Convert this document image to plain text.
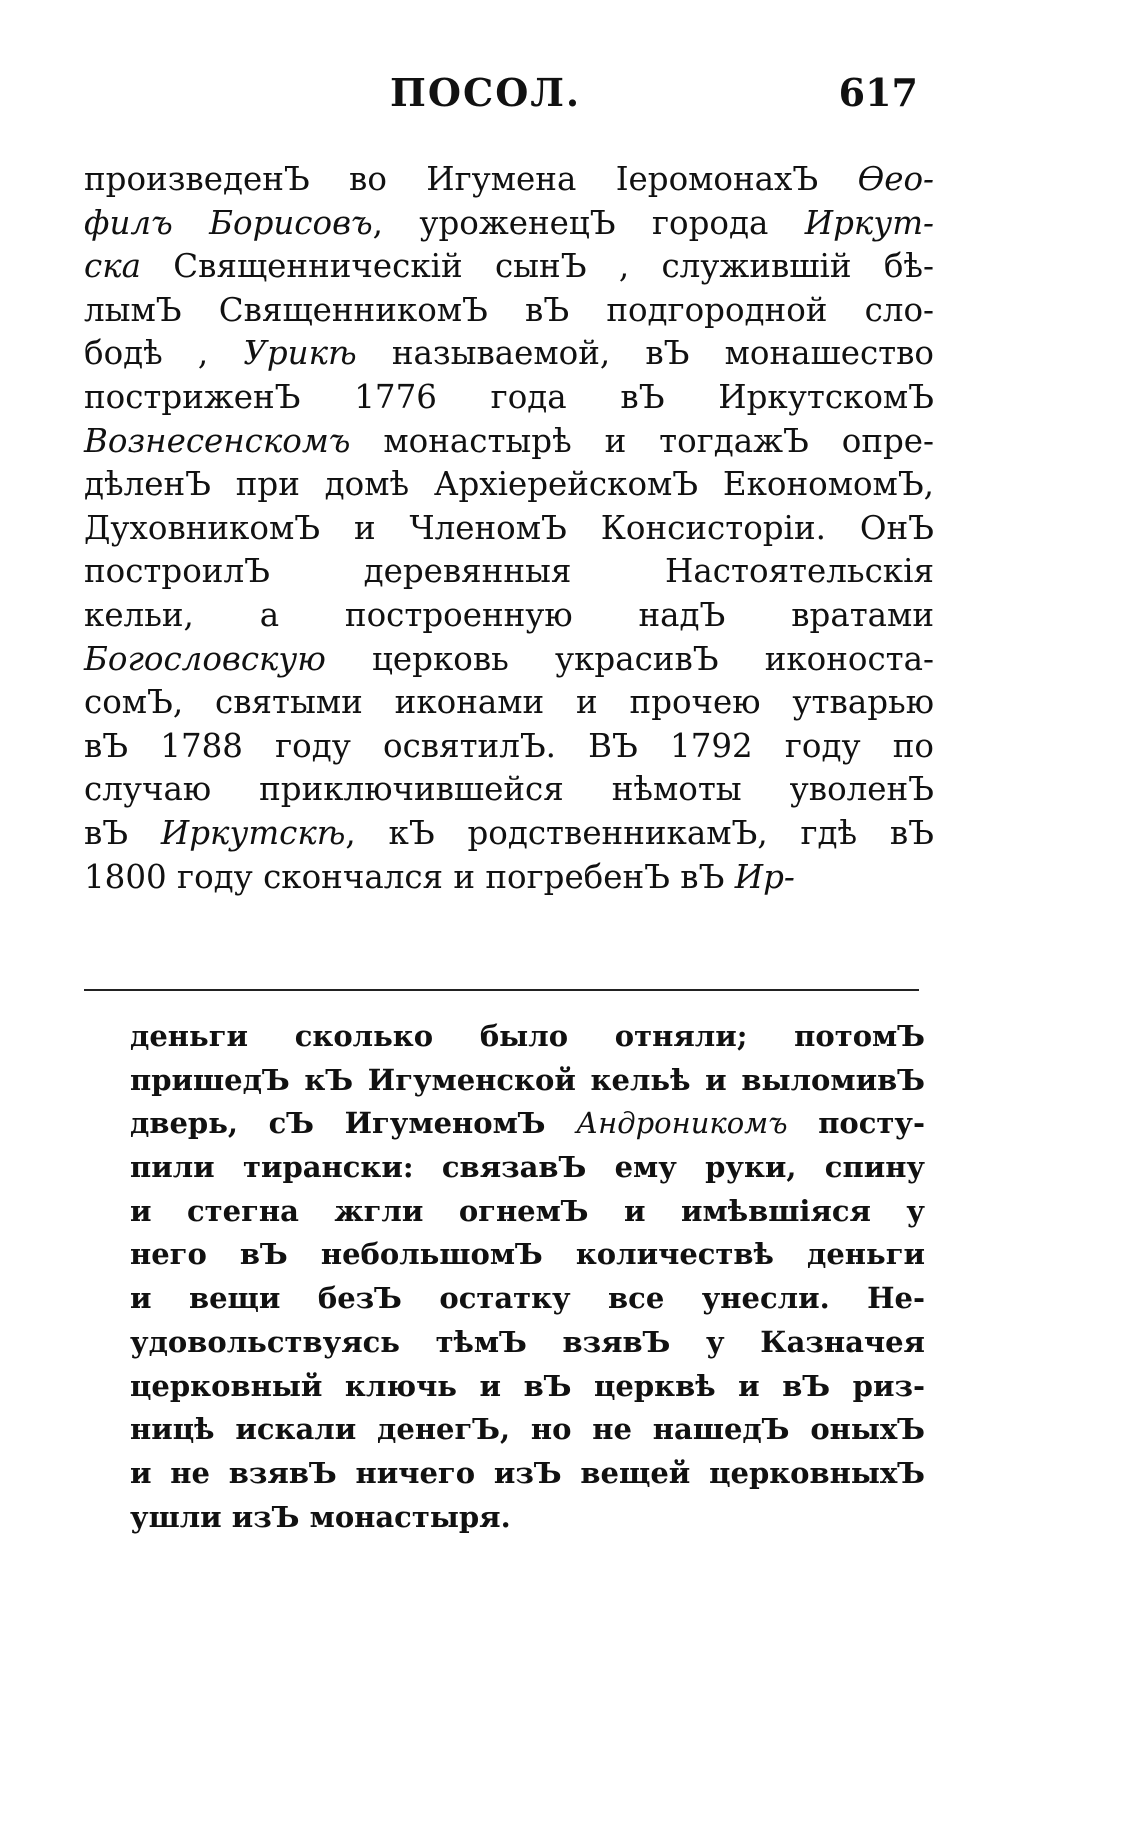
ПОСОЛ.	617
произведенЪ во Игумена ІеромонахЪ Өео-
филъ Борисовъ, уроженецЪ города Иркут-
ска Священническій сынЪ , служившій бѣ-
лымЪ СвященникомЪ вЪ подгородной сло-
бодѣ , Урикѣ называемой, вЪ монашество
постриженЪ 1776 года вЪ ИркутскомЪ
Вознесенскомъ монастырѣ и тогдажЪ опре-
дѣленЪ при домѣ АрхіерейскомЪ ЕкономомЪ,
ДуховникомЪ и ЧленомЪ Консисторіи. ОнЪ
построилЪ деревянныя Настоятельскія
кельи, а построенную надЪ вратами
Богословскую церковь украсивЪ иконоста-
сомЪ, святыми иконами и прочею утварью
вЪ 1788 году освятилЪ. ВЪ 1792 году по
случаю приключившейся нѣмоты уволенЪ
вЪ Иркутскѣ, кЪ родственникамЪ, гдѣ вЪ
1800 году скончался и погребенЪ вЪ Ир-
деньги сколько было отняли; потомЪ
пришедЪ кЪ Игуменской кельѣ и выломивЪ
дверь, сЪ ИгуменомЪ Андроникомъ посту-
пили тирански: связавЪ ему руки, спину
и стегна жгли огнемЪ и имѣвшіяся у
него вЪ небольшомЪ количествѣ деньги
и вещи безЪ остатку все унесли. Не-
удовольствуясь тѣмЪ взявЪ у Казначея
церковный ключь и вЪ церквѣ и вЪ риз-
ницѣ искали денегЪ, но не нашедЪ оныхЪ
и не взявЪ ничего изЪ вещей церковныхЪ
ушли изЪ монастыря.
